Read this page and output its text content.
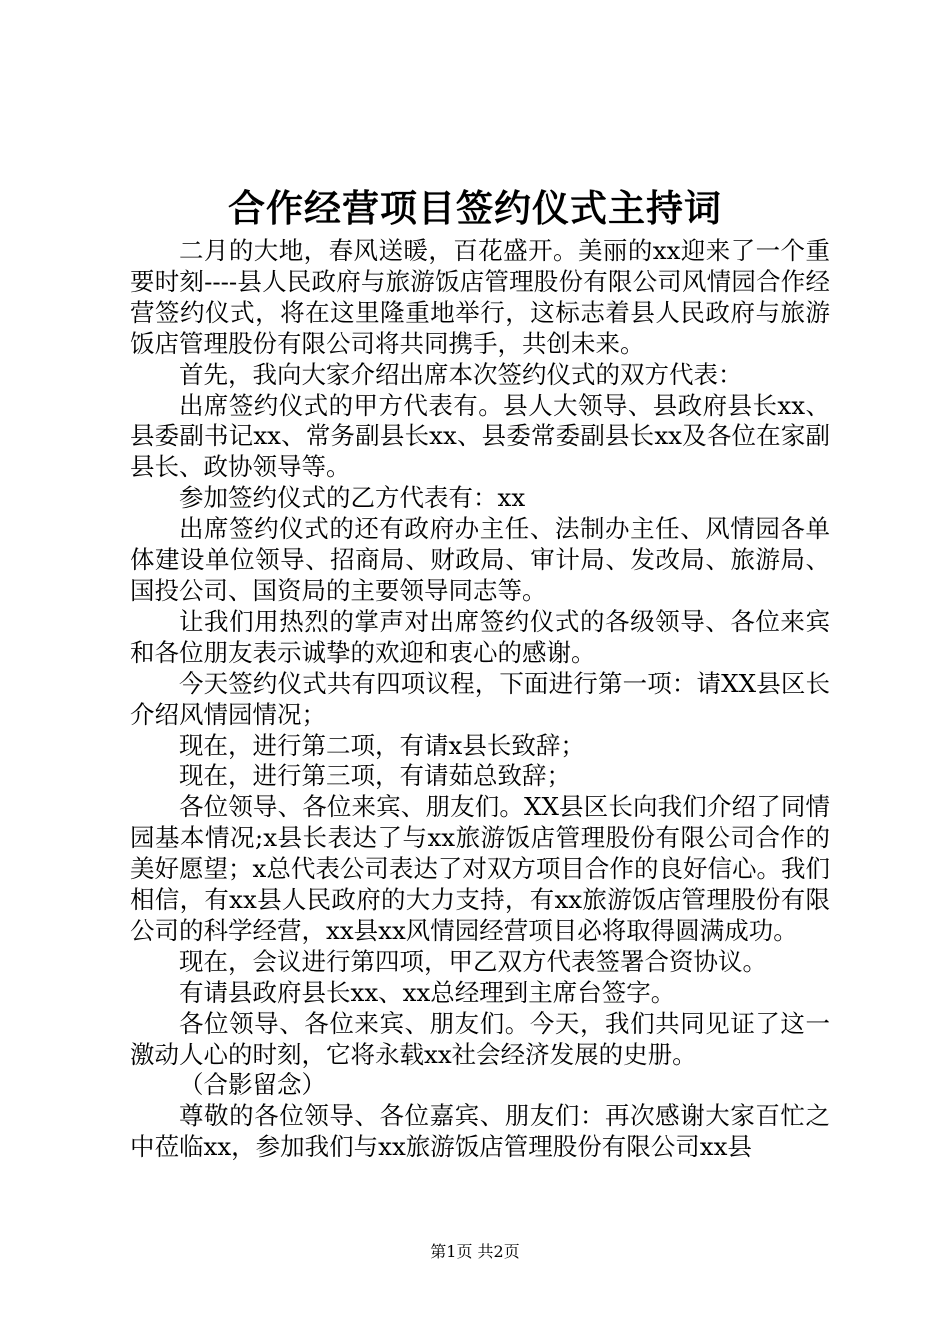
合作经营项目签约仪式主持词

二月的大地，春风送暖，百花盛开。美丽的xx迎来了一个重要时刻----县人民政府与旅游饭店管理股份有限公司风情园合作经营签约仪式，将在这里隆重地举行，这标志着县人民政府与旅游饭店管理股份有限公司将共同携手，共创未来。

首先，我向大家介绍出席本次签约仪式的双方代表：

出席签约仪式的甲方代表有。县人大领导、县政府县长xx、县委副书记xx、常务副县长xx、县委常委副县长xx及各位在家副县长、政协领导等。

参加签约仪式的乙方代表有：xx

出席签约仪式的还有政府办主任、法制办主任、风情园各单体建设单位领导、招商局、财政局、审计局、发改局、旅游局、国投公司、国资局的主要领导同志等。

让我们用热烈的掌声对出席签约仪式的各级领导、各位来宾和各位朋友表示诚挚的欢迎和衷心的感谢。

今天签约仪式共有四项议程，下面进行第一项：请XX县区长介绍风情园情况；

现在，进行第二项，有请x县长致辞；

现在，进行第三项，有请茹总致辞；

各位领导、各位来宾、朋友们。XX县区长向我们介绍了同情园基本情况;x县长表达了与xx旅游饭店管理股份有限公司合作的美好愿望；x总代表公司表达了对双方项目合作的良好信心。我们相信，有xx县人民政府的大力支持，有xx旅游饭店管理股份有限公司的科学经营，xx县xx风情园经营项目必将取得圆满成功。

现在，会议进行第四项，甲乙双方代表签署合资协议。

有请县政府县长xx、xx总经理到主席台签字。

各位领导、各位来宾、朋友们。今天，我们共同见证了这一激动人心的时刻，它将永载xx社会经济发展的史册。

（合影留念）

尊敬的各位领导、各位嘉宾、朋友们：再次感谢大家百忙之中莅临xx，参加我们与xx旅游饭店管理股份有限公司xx县

第1页 共2页
